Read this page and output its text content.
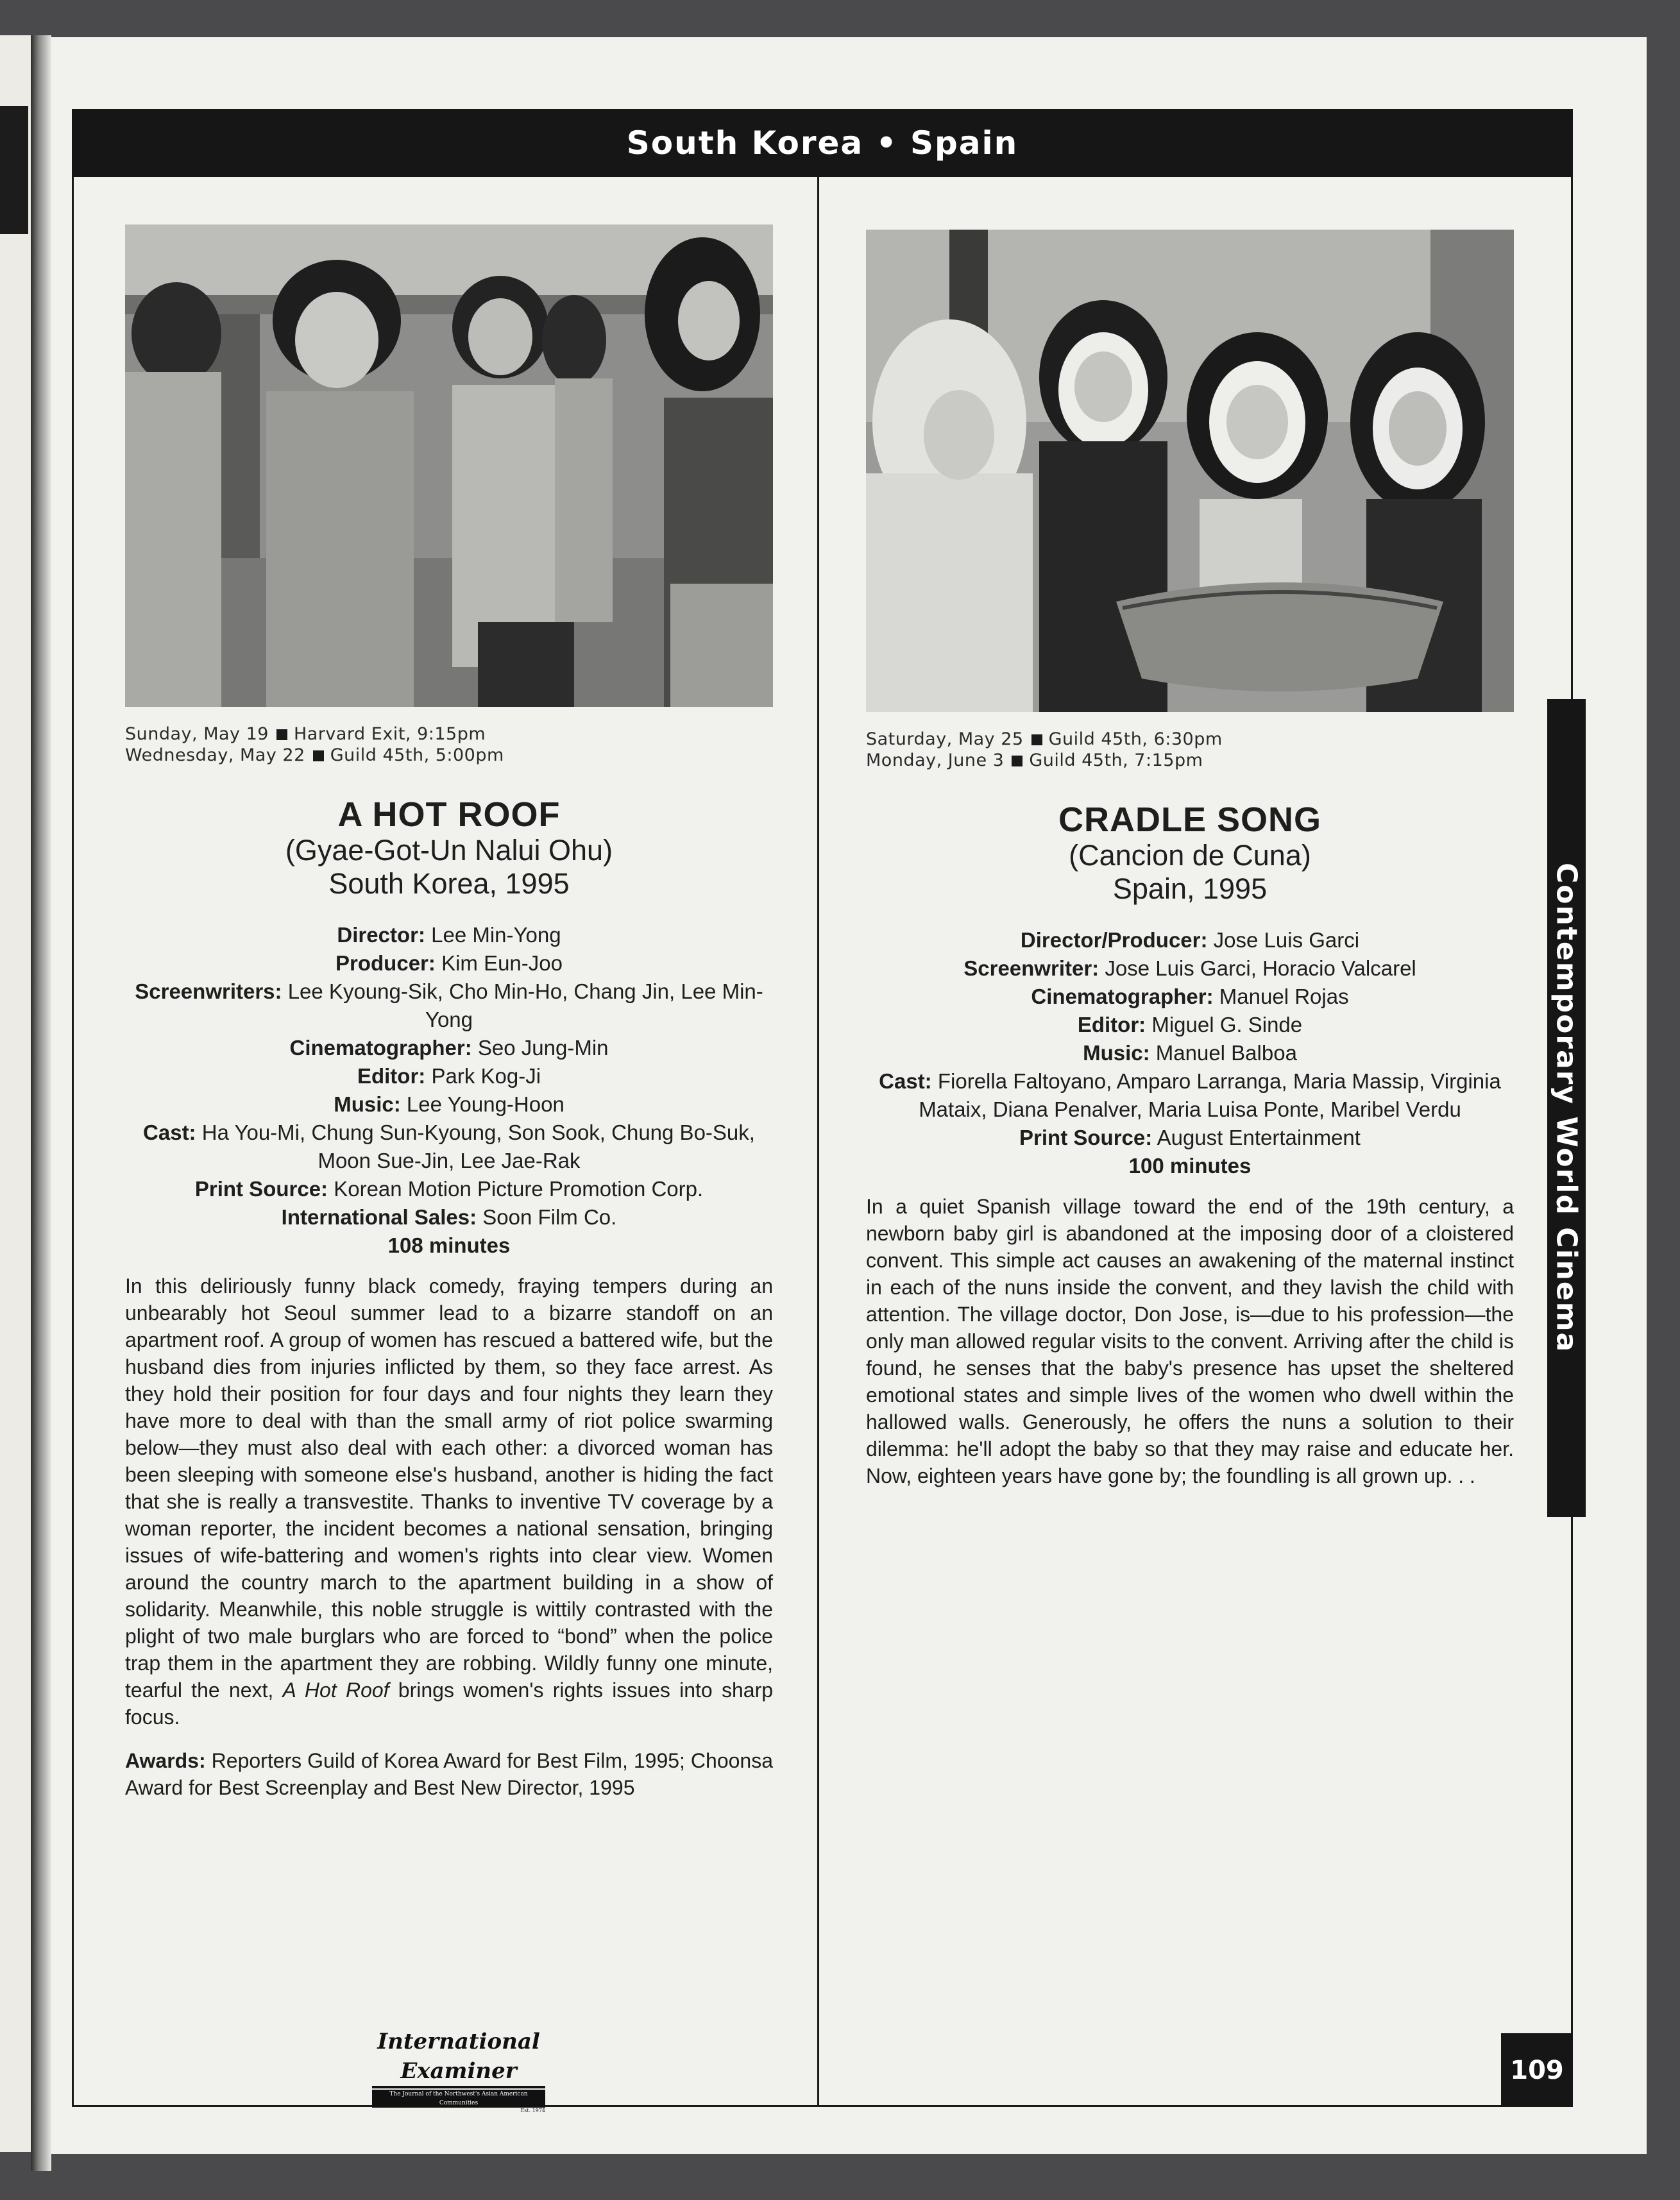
South Korea • Spain
Sunday, May 19 Harvard Exit, 9:15pm
Wednesday, May 22 Guild 45th, 5:00pm
A HOT ROOF
(Gyae-Got-Un Nalui Ohu)
South Korea, 1995
Director: Lee Min-Yong
Producer: Kim Eun-Joo
Screenwriters: Lee Kyoung-Sik, Cho Min-Ho, Chang Jin, Lee Min-Yong
Cinematographer: Seo Jung-Min
Editor: Park Kog-Ji
Music: Lee Young-Hoon
Cast: Ha You-Mi, Chung Sun-Kyoung, Son Sook, Chung Bo-Suk, Moon Sue-Jin, Lee Jae-Rak
Print Source: Korean Motion Picture Promotion Corp.
International Sales: Soon Film Co.
108 minutes
In this deliriously funny black comedy, fraying tempers during an unbearably hot Seoul summer lead to a bizarre standoff on an apartment roof. A group of women has rescued a battered wife, but the husband dies from injuries inflicted by them, so they face arrest. As they hold their position for four days and four nights they learn they have more to deal with than the small army of riot police swarming below—they must also deal with each other: a divorced woman has been sleeping with someone else's husband, another is hiding the fact that she is really a transvestite. Thanks to inventive TV coverage by a woman reporter, the incident becomes a national sensation, bringing issues of wife-battering and women's rights into clear view. Women around the country march to the apartment building in a show of solidarity. Meanwhile, this noble struggle is wittily contrasted with the plight of two male burglars who are forced to “bond” when the police trap them in the apartment they are robbing. Wildly funny one minute, tearful the next, A Hot Roof brings women's rights issues into sharp focus.
Awards: Reporters Guild of Korea Award for Best Film, 1995; Choonsa Award for Best Screenplay and Best New Director, 1995
Saturday, May 25 Guild 45th, 6:30pm
Monday, June 3 Guild 45th, 7:15pm
CRADLE SONG
(Cancion de Cuna)
Spain, 1995
Director/Producer: Jose Luis Garci
Screenwriter: Jose Luis Garci, Horacio Valcarel
Cinematographer: Manuel Rojas
Editor: Miguel G. Sinde
Music: Manuel Balboa
Cast: Fiorella Faltoyano, Amparo Larranga, Maria Massip, Virginia Mataix, Diana Penalver, Maria Luisa Ponte, Maribel Verdu
Print Source: August Entertainment
100 minutes
In a quiet Spanish village toward the end of the 19th century, a newborn baby girl is abandoned at the imposing door of a cloistered convent. This simple act causes an awakening of the maternal instinct in each of the nuns inside the convent, and they lavish the child with attention. The village doctor, Don Jose, is—due to his profession—the only man allowed regular visits to the convent. Arriving after the child is found, he senses that the baby's presence has upset the sheltered emotional states and simple lives of the women who dwell within the hallowed walls. Generously, he offers the nuns a solution to their dilemma: he'll adopt the baby so that they may raise and educate her. Now, eighteen years have gone by; the foundling is all grown up. . .
Contemporary World Cinema
International Examiner
The Journal of the Northwest's Asian American Communities
Est. 1974
109
